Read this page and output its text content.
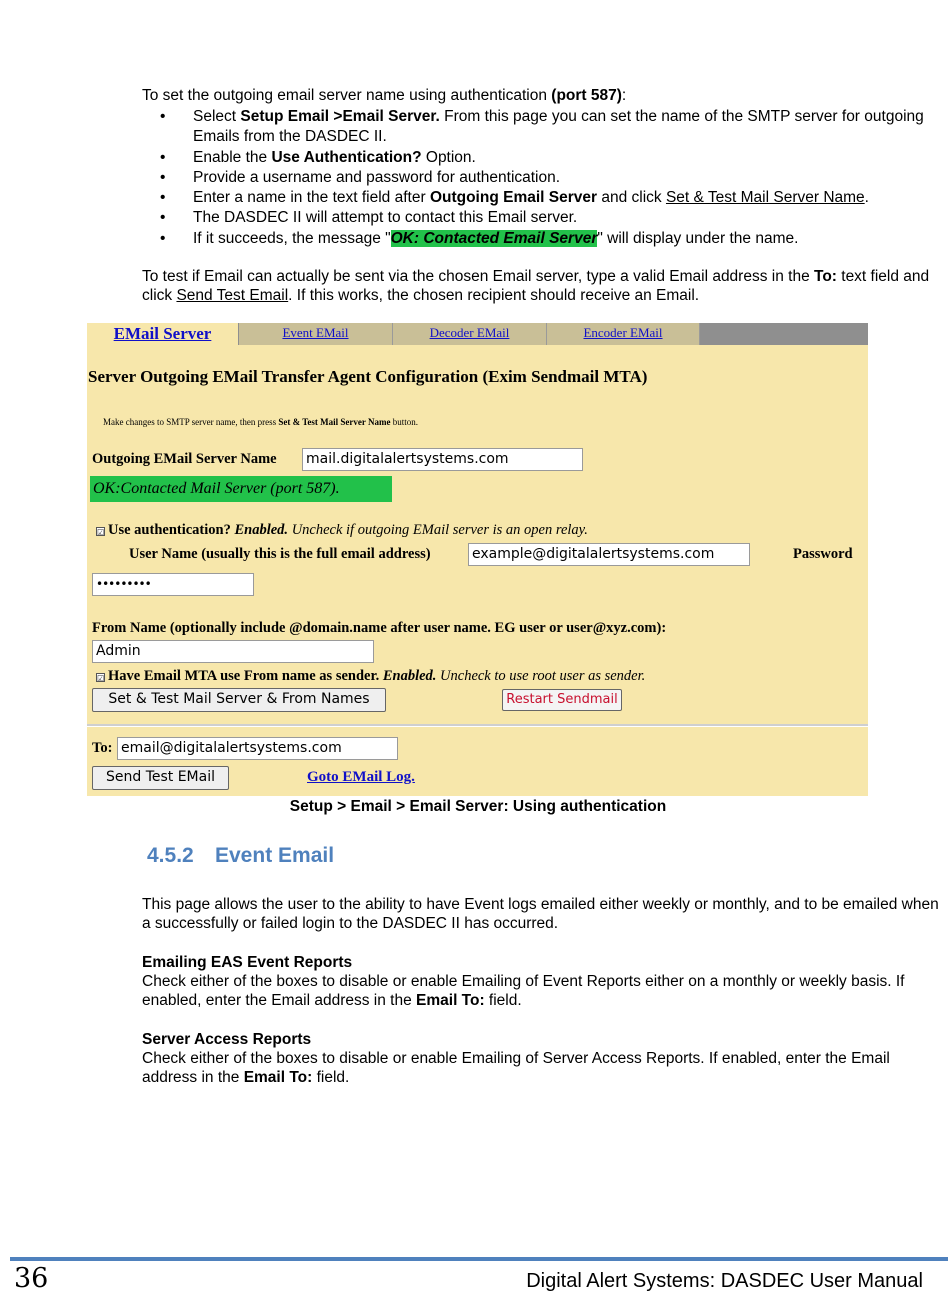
To set the outgoing email server name using authentication (port 587):
• Select Setup Email >Email Server. From this page you can set the name of the SMTP server for outgoing Emails from the DASDEC II.
• Enable the Use Authentication? Option.
• Provide a username and password for authentication.
• Enter a name in the text field after Outgoing Email Server and click Set & Test Mail Server Name.
• The DASDEC II will attempt to contact this Email server.
• If it succeeds, the message "OK: Contacted Email Server" will display under the name.
To test if Email can actually be sent via the chosen Email server, type a valid Email address in the To: text field and click Send Test Email. If this works, the chosen recipient should receive an Email.
EMail Server	Event EMail	Decoder EMail	Encoder EMail
Server Outgoing EMail Transfer Agent Configuration (Exim Sendmail MTA)
Make changes to SMTP server name, then press Set & Test Mail Server Name button.
Outgoing EMail Server Name mail.digitalalertsystems.com
OK:Contacted Mail Server (port 587).
☑ Use authentication? Enabled. Uncheck if outgoing EMail server is an open relay.
User Name (usually this is the full email address)	example@digitalalertsystems.com	Password
•••••••••
From Name (optionally include @domain.name after user name. EG user or user@xyz.com):
Admin
☑ Have Email MTA use From name as sender. Enabled. Uncheck to use root user as sender.
Set & Test Mail Server & From Names	Restart Sendmail
To: email@digitalalertsystems.com
Send Test EMail	Goto EMail Log.
Setup > Email > Email Server: Using authentication
4.5.2 Event Email
This page allows the user to the ability to have Event logs emailed either weekly or monthly, and to be emailed when a successfully or failed login to the DASDEC II has occurred.
Emailing EAS Event Reports
Check either of the boxes to disable or enable Emailing of Event Reports either on a monthly or weekly basis. If enabled, enter the Email address in the Email To: field.
Server Access Reports
Check either of the boxes to disable or enable Emailing of Server Access Reports. If enabled, enter the Email address in the Email To: field.
36	Digital Alert Systems: DASDEC User Manual
